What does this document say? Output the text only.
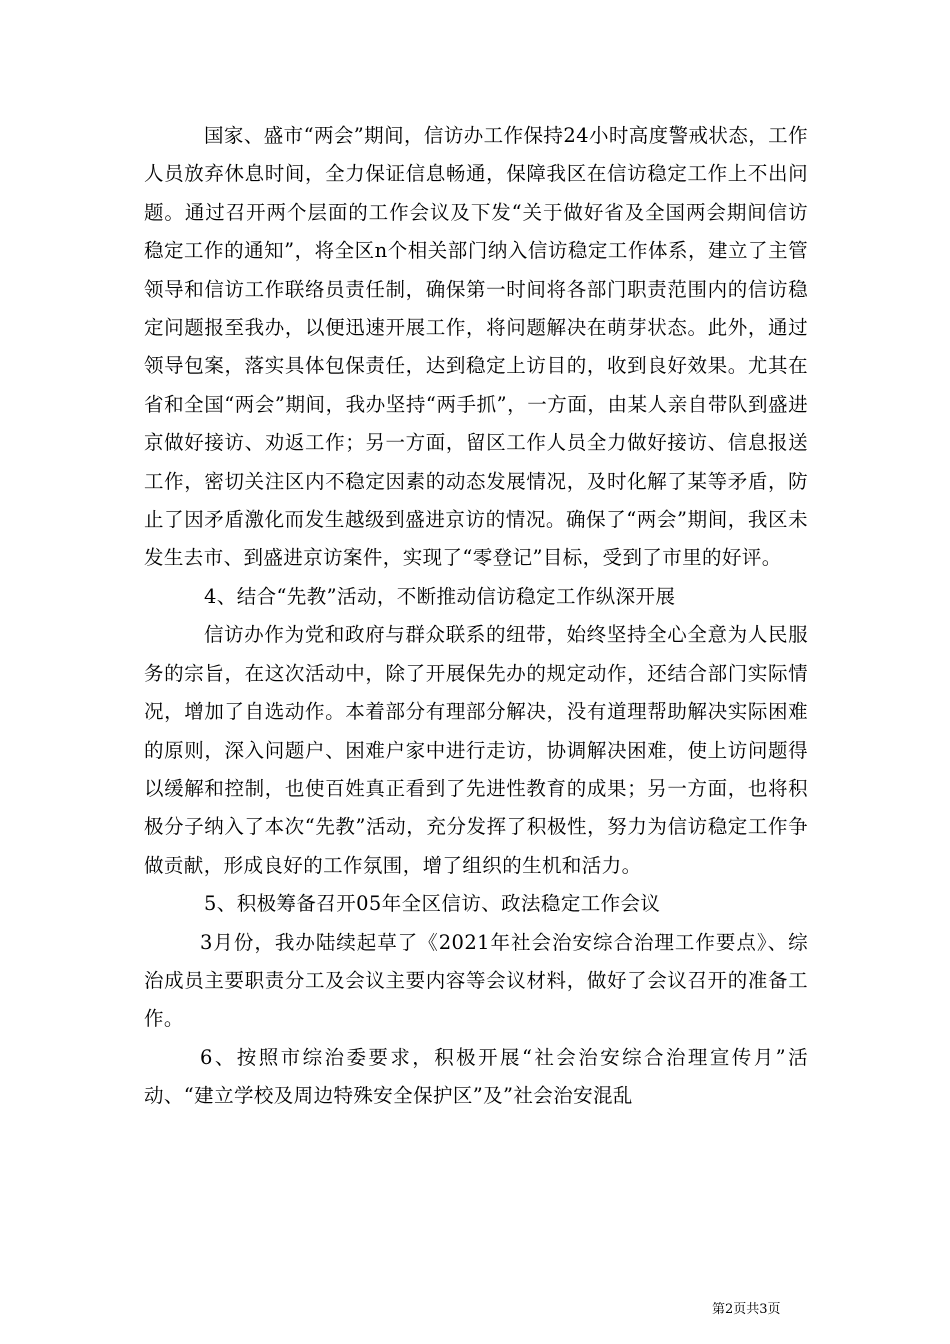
国家、盛市“两会”期间，信访办工作保持24小时高度警戒状态，工作人员放弃休息时间，全力保证信息畅通，保障我区在信访稳定工作上不出问题。通过召开两个层面的工作会议及下发“关于做好省及全国两会期间信访稳定工作的通知”，将全区n个相关部门纳入信访稳定工作体系，建立了主管领导和信访工作联络员责任制，确保第一时间将各部门职责范围内的信访稳定问题报至我办，以便迅速开展工作，将问题解决在萌芽状态。此外，通过领导包案，落实具体包保责任，达到稳定上访目的，收到良好效果。尤其在省和全国“两会”期间，我办坚持“两手抓”，一方面，由某人亲自带队到盛进京做好接访、劝返工作；另一方面，留区工作人员全力做好接访、信息报送工作，密切关注区内不稳定因素的动态发展情况，及时化解了某等矛盾，防止了因矛盾激化而发生越级到盛进京访的情况。确保了“两会”期间，我区未发生去市、到盛进京访案件，实现了“零登记”目标，受到了市里的好评。

4、结合“先教”活动，不断推动信访稳定工作纵深开展

信访办作为党和政府与群众联系的纽带，始终坚持全心全意为人民服务的宗旨，在这次活动中，除了开展保先办的规定动作，还结合部门实际情况，增加了自选动作。本着部分有理部分解决，没有道理帮助解决实际困难的原则，深入问题户、困难户家中进行走访，协调解决困难，使上访问题得以缓解和控制，也使百姓真正看到了先进性教育的成果；另一方面，也将积极分子纳入了本次“先教”活动，充分发挥了积极性，努力为信访稳定工作争做贡献，形成良好的工作氛围，增了组织的生机和活力。

5、积极筹备召开05年全区信访、政法稳定工作会议

3月份，我办陆续起草了《2021年社会治安综合治理工作要点》、综治成员主要职责分工及会议主要内容等会议材料，做好了会议召开的准备工作。

6、按照市综治委要求，积极开展“社会治安综合治理宣传月”活动、“建立学校及周边特殊安全保护区”及”社会治安混乱

第2页共3页
